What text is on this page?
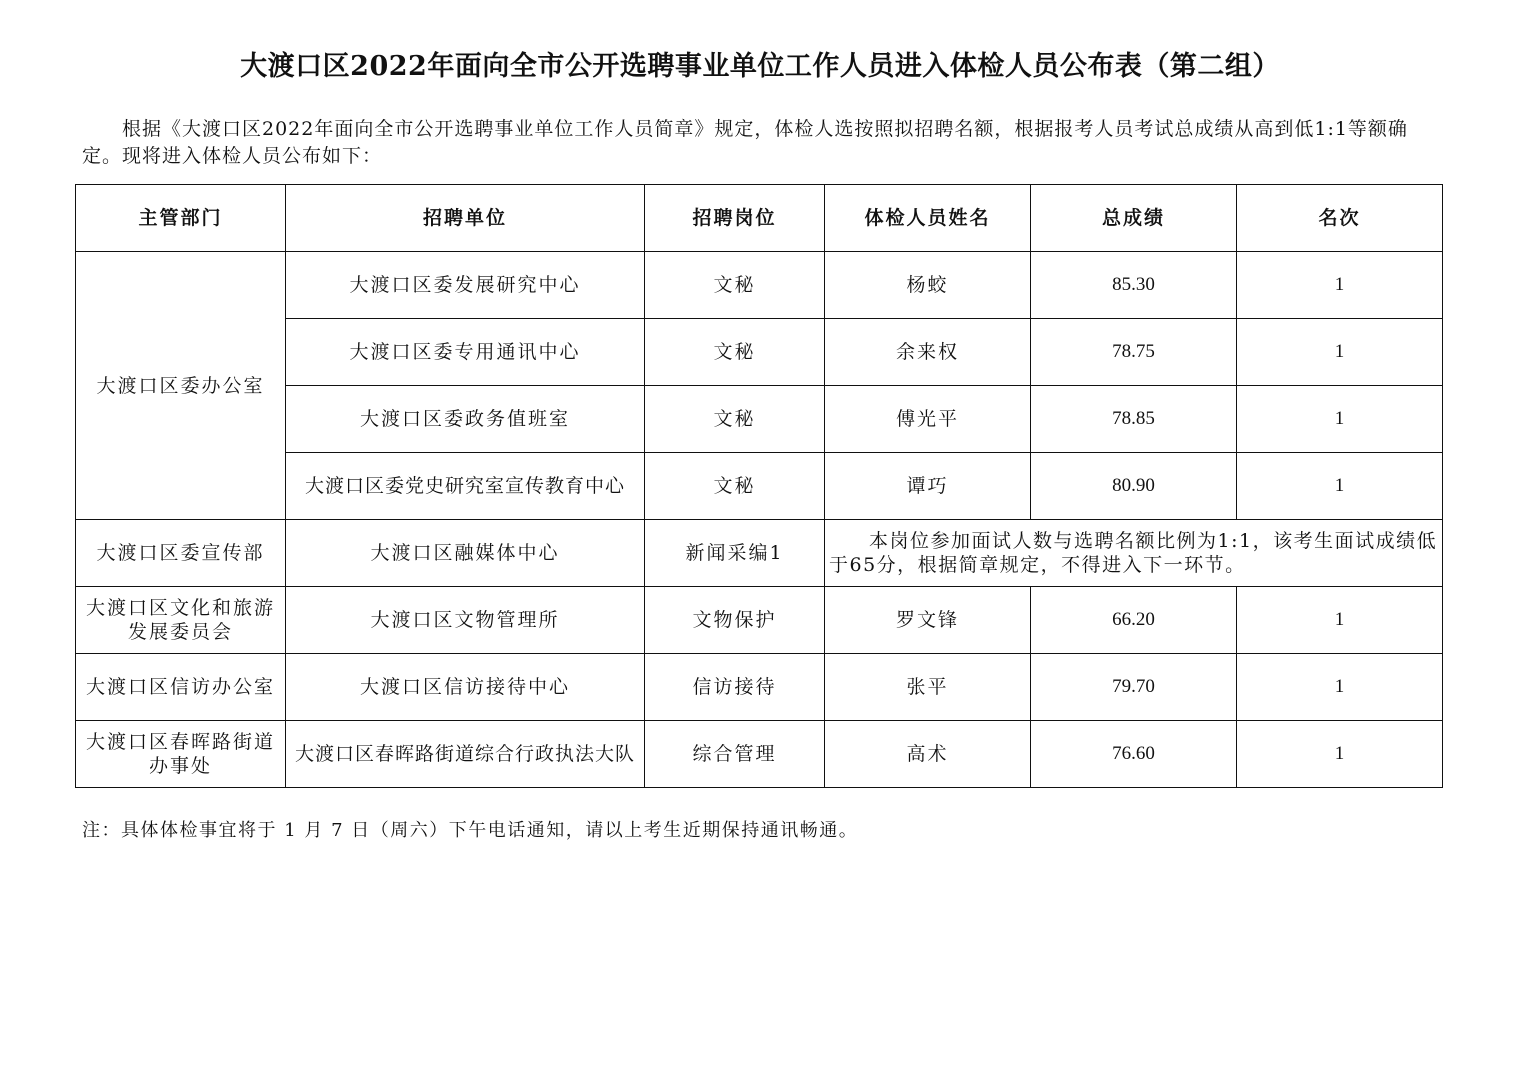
大渡口区2022年面向全市公开选聘事业单位工作人员进入体检人员公布表（第二组）
根据《大渡口区2022年面向全市公开选聘事业单位工作人员简章》规定，体检人选按照拟招聘名额，根据报考人员考试总成绩从高到低1:1等额确定。现将进入体检人员公布如下：
主管部门	招聘单位	招聘岗位	体检人员姓名	总成绩	名次
大渡口区委办公室	大渡口区委发展研究中心	文秘	杨蛟	85.30	1
	大渡口区委专用通讯中心	文秘	余来权	78.75	1
	大渡口区委政务值班室	文秘	傅光平	78.85	1
	大渡口区委党史研究室宣传教育中心	文秘	谭巧	80.90	1
大渡口区委宣传部	大渡口区融媒体中心	新闻采编1	本岗位参加面试人数与选聘名额比例为1:1，该考生面试成绩低于65分，根据简章规定，不得进入下一环节。		
大渡口区文化和旅游发展委员会	大渡口区文物管理所	文物保护	罗文锋	66.20	1
大渡口区信访办公室	大渡口区信访接待中心	信访接待	张平	79.70	1
大渡口区春晖路街道办事处	大渡口区春晖路街道综合行政执法大队	综合管理	高术	76.60	1
注：具体体检事宜将于 1 月 7 日（周六）下午电话通知，请以上考生近期保持通讯畅通。
